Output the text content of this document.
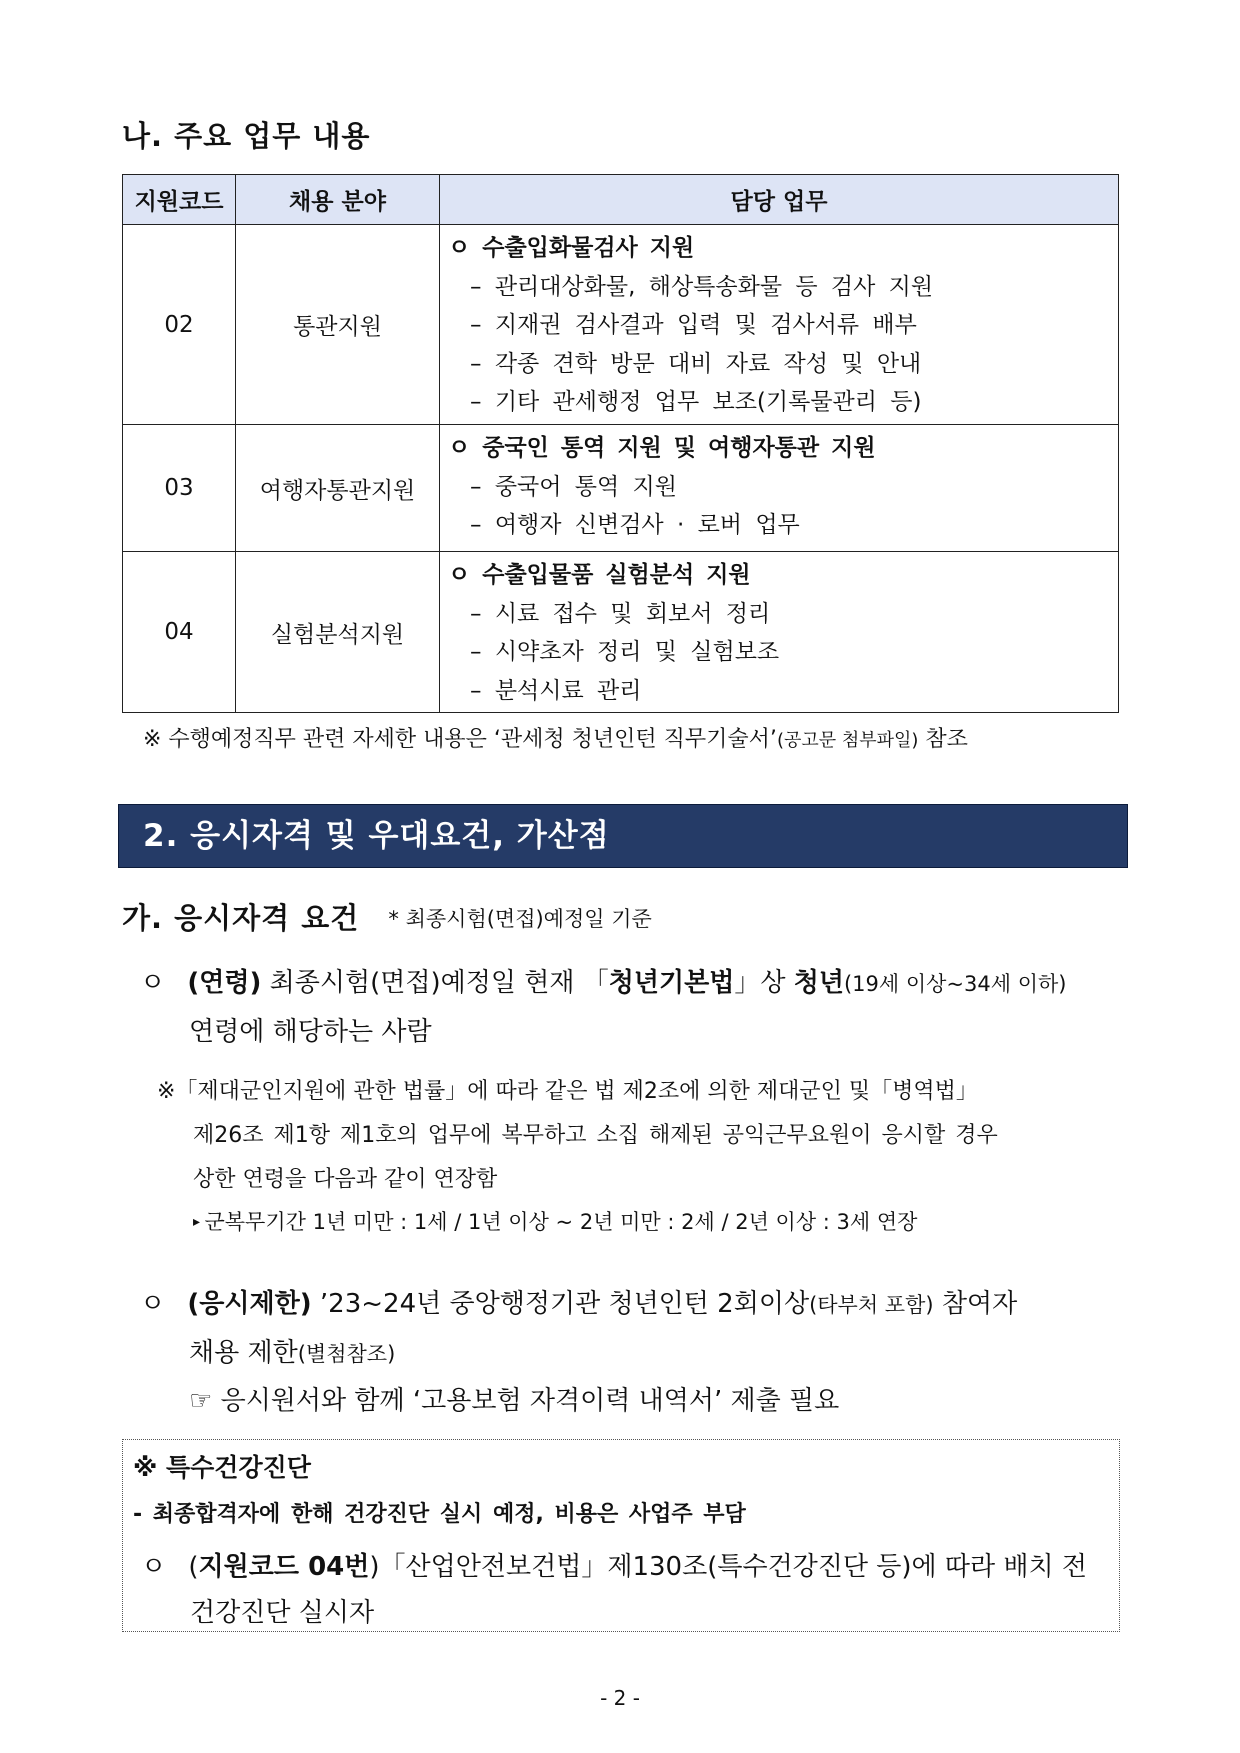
나. 주요 업무 내용
지원코드	채용 분야	담당 업무
02	통관지원	ㅇ 수출입화물검사 지원
– 관리대상화물, 해상특송화물 등 검사 지원
– 지재권 검사결과 입력 및 검사서류 배부
– 각종 견학 방문 대비 자료 작성 및 안내
– 기타 관세행정 업무 보조(기록물관리 등)

03	여행자통관지원	ㅇ 중국인 통역 지원 및 여행자통관 지원
– 중국어 통역 지원
– 여행자 신변검사 · 로버 업무

04	실험분석지원	ㅇ 수출입물품 실험분석 지원
– 시료 접수 및 회보서 정리
– 시약초자 정리 및 실험보조
– 분석시료 관리
※ 수행예정직무 관련 자세한 내용은 ‘관세청 청년인턴 직무기술서’(공고문 첨부파일) 참조
2. 응시자격 및 우대요건, 가산점
가. 응시자격 요건 * 최종시험(면접)예정일 기준
ㅇ (연령) 최종시험(면접)예정일 현재 「청년기본법」상 청년(19세 이상~34세 이하)
연령에 해당하는 사람
※「제대군인지원에 관한 법률」에 따라 같은 법 제2조에 의한 제대군인 및「병역법」
제26조 제1항 제1호의 업무에 복무하고 소집 해제된 공익근무요원이 응시할 경우
상한 연령을 다음과 같이 연장함
▸ 군복무기간 1년 미만 : 1세 / 1년 이상 ~ 2년 미만 : 2세 / 2년 이상 : 3세 연장
ㅇ (응시제한) ’23~24년 중앙행정기관 청년인턴 2회이상(타부처 포함) 참여자
채용 제한(별첨참조)
☞ 응시원서와 함께 ‘고용보험 자격이력 내역서’ 제출 필요
※ 특수건강진단
- 최종합격자에 한해 건강진단 실시 예정, 비용은 사업주 부담
ㅇ (지원코드 04번)「산업안전보건법」제130조(특수건강진단 등)에 따라 배치 전
건강진단 실시자
- 2 -
